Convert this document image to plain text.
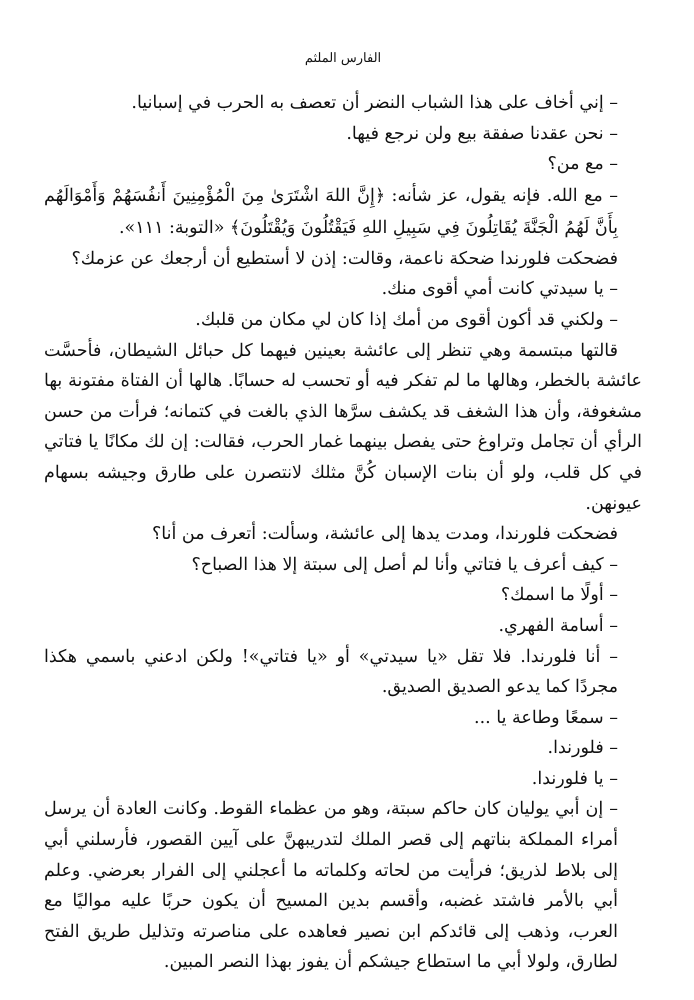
الفارس الملثم

– إني أخاف على هذا الشباب النضر أن تعصف به الحرب في إسبانيا.

– نحن عقدنا صفقة بيع ولن نرجع فيها.

– مع من؟

– مع الله. فإنه يقول، عز شأنه: ﴿إِنَّ اللهَ اشْتَرَىٰ مِنَ الْمُؤْمِنِينَ أَنفُسَهُمْ وَأَمْوَالَهُم بِأَنَّ لَهُمُ الْجَنَّةَ يُقَاتِلُونَ فِي سَبِيلِ اللهِ فَيَقْتُلُونَ وَيُقْتَلُونَ﴾ «التوبة: ١١١».

فضحكت فلورندا ضحكة ناعمة، وقالت: إذن لا أستطيع أن أرجعك عن عزمك؟

– يا سيدتي كانت أمي أقوى منك.

– ولكني قد أكون أقوى من أمك إذا كان لي مكان من قلبك.

قالتها مبتسمة وهي تنظر إلى عائشة بعينين فيهما كل حبائل الشيطان، فأحسَّت عائشة بالخطر، وهالها ما لم تفكر فيه أو تحسب له حسابًا. هالها أن الفتاة مفتونة بها مشغوفة، وأن هذا الشغف قد يكشف سرَّها الذي بالغت في كتمانه؛ فرأت من حسن الرأي أن تجامل وتراوغ حتى يفصل بينهما غمار الحرب، فقالت: إن لك مكانًا يا فتاتي في كل قلب، ولو أن بنات الإسبان كُنَّ مثلك لانتصرن على طارق وجيشه بسهام عيونهن.

فضحكت فلورندا، ومدت يدها إلى عائشة، وسألت: أتعرف من أنا؟

– كيف أعرف يا فتاتي وأنا لم أصل إلى سبتة إلا هذا الصباح؟

– أولًا ما اسمك؟

– أسامة الفهري.

– أنا فلورندا. فلا تقل «يا سيدتي» أو «يا فتاتي»! ولكن ادعني باسمي هكذا مجردًا كما يدعو الصديق الصديق.

– سمعًا وطاعة يا ...

– فلورندا.

– يا فلورندا.

– إن أبي يوليان كان حاكم سبتة، وهو من عظماء القوط. وكانت العادة أن يرسل أمراء المملكة بناتهم إلى قصر الملك لتدريبهنَّ على آيين القصور، فأرسلني أبي إلى بلاط لذريق؛ فرأيت من لحاته وكلماته ما أعجلني إلى الفرار بعرضي. وعلم أبي بالأمر فاشتد غضبه، وأقسم بدين المسيح أن يكون حربًا عليه مواليًا مع العرب، وذهب إلى قائدكم ابن نصير فعاهده على مناصرته وتذليل طريق الفتح لطارق، ولولا أبي ما استطاع جيشكم أن يفوز بهذا النصر المبين.
